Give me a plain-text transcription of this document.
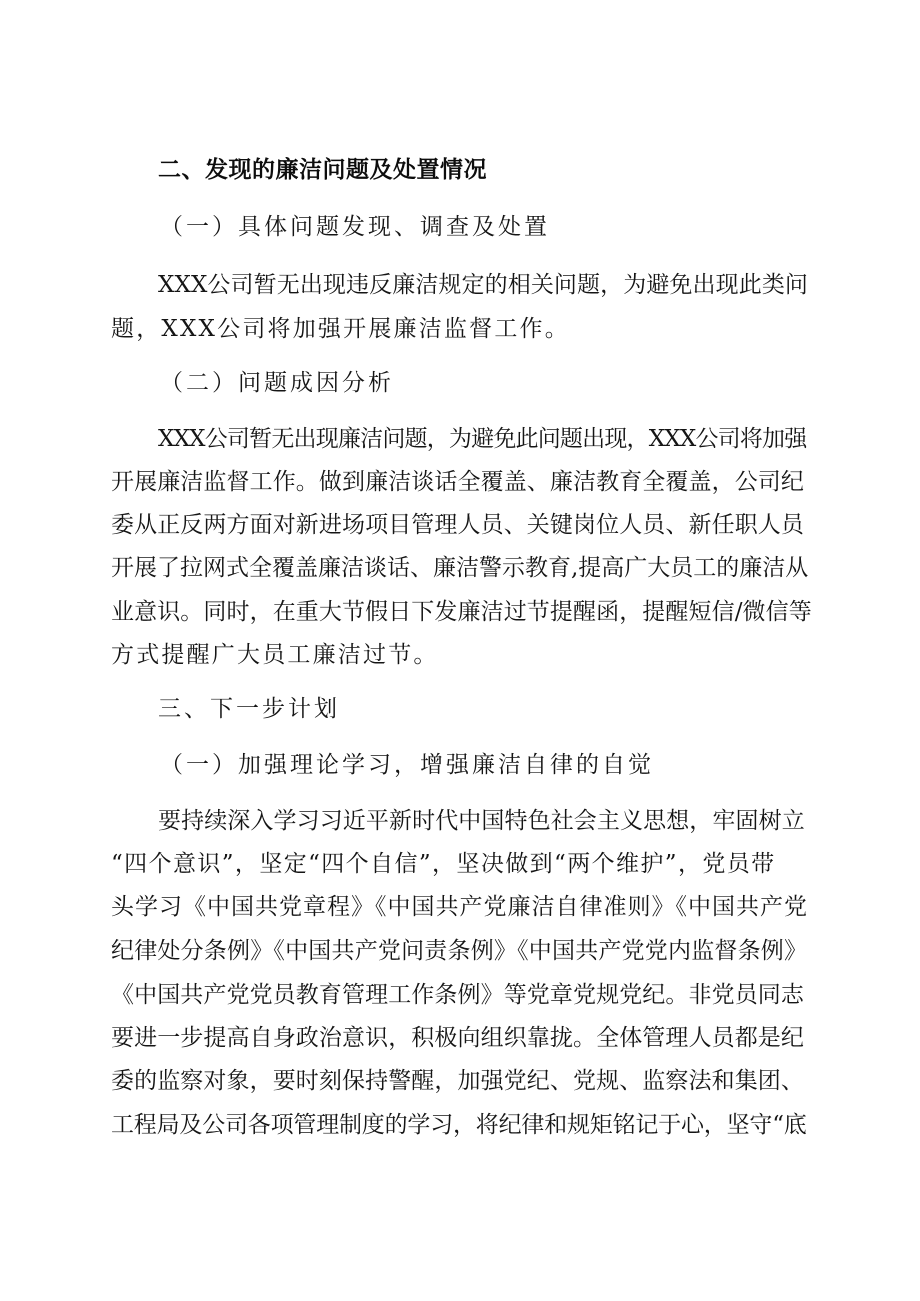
二、发现的廉洁问题及处置情况
（一）具体问题发现、调查及处置
XXX公司暂无出现违反廉洁规定的相关问题，为避免出现此类问
题，XXX公司将加强开展廉洁监督工作。
（二）问题成因分析
XXX公司暂无出现廉洁问题，为避免此问题出现，XXX公司将加强
开展廉洁监督工作。做到廉洁谈话全覆盖、廉洁教育全覆盖，公司纪
委从正反两方面对新进场项目管理人员、关键岗位人员、新任职人员
开展了拉网式全覆盖廉洁谈话、廉洁警示教育,提高广大员工的廉洁从
业意识。同时，在重大节假日下发廉洁过节提醒函，提醒短信/微信等
方式提醒广大员工廉洁过节。
三、下一步计划
（一）加强理论学习，增强廉洁自律的自觉
要持续深入学习习近平新时代中国特色社会主义思想，牢固树立
“四个意识”，坚定“四个自信”，坚决做到“两个维护”，党员带
头学习《中国共党章程》《中国共产党廉洁自律准则》《中国共产党
纪律处分条例》《中国共产党问责条例》《中国共产党党内监督条例》
《中国共产党党员教育管理工作条例》等党章党规党纪。非党员同志
要进一步提高自身政治意识，积极向组织靠拢。全体管理人员都是纪
委的监察对象，要时刻保持警醒，加强党纪、党规、监察法和集团、
工程局及公司各项管理制度的学习，将纪律和规矩铭记于心，坚守“底
